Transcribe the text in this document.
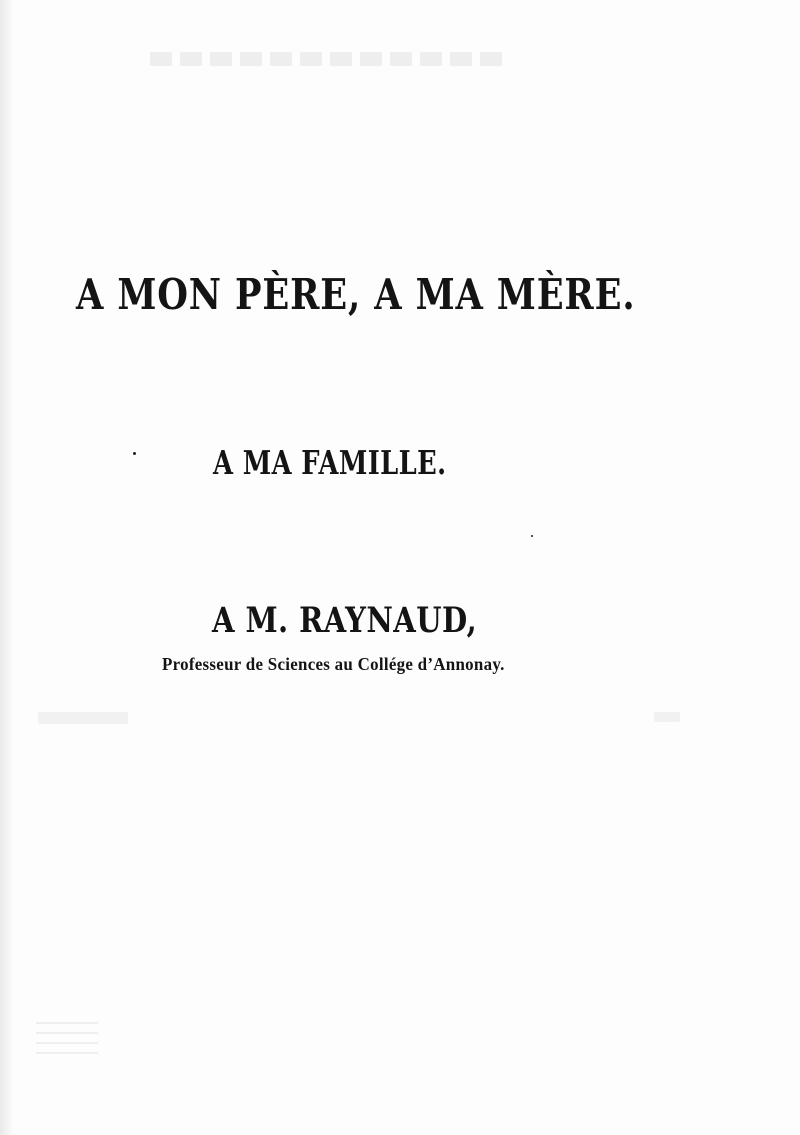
A MON PÈRE, A MA MÈRE.
A MA FAMILLE.
A M. RAYNAUD,
Professeur de Sciences au Collége d’Annonay.
